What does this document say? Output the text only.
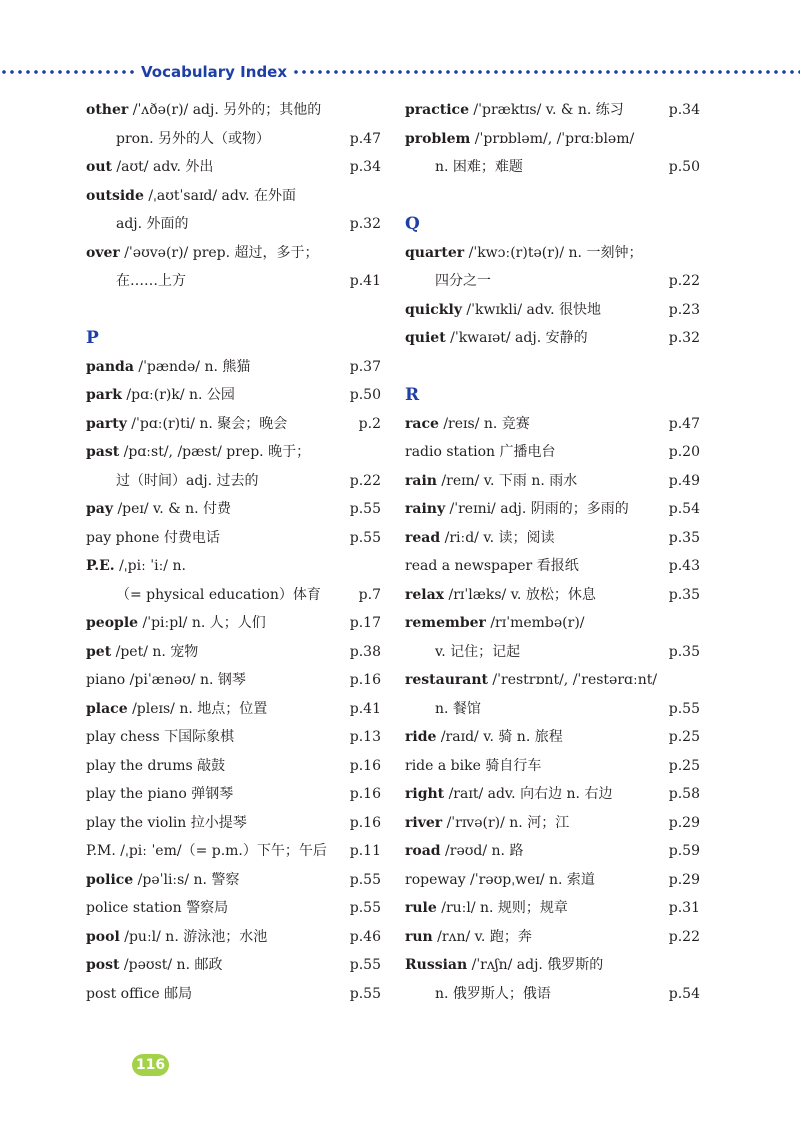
Vocabulary Index
other /ˈʌðə(r)/ adj. 另外的；其他的
pron. 另外的人（或物）	p.47
out /aʊt/ adv. 外出	p.34
outside /ˌaʊtˈsaɪd/ adv. 在外面
adj. 外面的	p.32
over /ˈəʊvə(r)/ prep. 超过，多于；
在……上方	p.41
P
panda /ˈpændə/ n. 熊猫	p.37
park /pɑː(r)k/ n. 公园	p.50
party /ˈpɑː(r)ti/ n. 聚会；晚会	p.2
past /pɑːst/, /pæst/ prep. 晚于；
过（时间）adj. 过去的	p.22
pay /peɪ/ v. & n. 付费	p.55
pay phone 付费电话	p.55
P.E. /ˌpiː ˈiː/ n.
（= physical education）体育	p.7
people /ˈpiːpl/ n. 人；人们	p.17
pet /pet/ n. 宠物	p.38
piano /piˈænəʊ/ n. 钢琴	p.16
place /pleɪs/ n. 地点；位置	p.41
play chess 下国际象棋	p.13
play the drums 敲鼓	p.16
play the piano 弹钢琴	p.16
play the violin 拉小提琴	p.16
P.M. /ˌpiː ˈem/（= p.m.）下午；午后 p.11
police /pəˈliːs/ n. 警察	p.55
police station 警察局	p.55
pool /puːl/ n. 游泳池；水池	p.46
post /pəʊst/ n. 邮政	p.55
post office 邮局	p.55
practice /ˈpræktɪs/ v. & n. 练习	p.34
problem /ˈprɒbləm/, /ˈprɑːbləm/
n. 困难；难题	p.50
Q
quarter /ˈkwɔː(r)tə(r)/ n. 一刻钟；
四分之一	p.22
quickly /ˈkwɪkli/ adv. 很快地	p.23
quiet /ˈkwaɪət/ adj. 安静的	p.32
R
race /reɪs/ n. 竞赛	p.47
radio station 广播电台	p.20
rain /reɪn/ v. 下雨 n. 雨水	p.49
rainy /ˈreɪni/ adj. 阴雨的；多雨的	p.54
read /riːd/ v. 读；阅读	p.35
read a newspaper 看报纸	p.43
relax /rɪˈlæks/ v. 放松；休息	p.35
remember /rɪˈmembə(r)/
v. 记住；记起	p.35
restaurant /ˈrestrɒnt/, /ˈrestərɑːnt/
n. 餐馆	p.55
ride /raɪd/ v. 骑 n. 旅程	p.25
ride a bike 骑自行车	p.25
right /raɪt/ adv. 向右边 n. 右边	p.58
river /ˈrɪvə(r)/ n. 河；江	p.29
road /rəʊd/ n. 路	p.59
ropeway /ˈrəʊpˌweɪ/ n. 索道	p.29
rule /ruːl/ n. 规则；规章	p.31
run /rʌn/ v. 跑；奔	p.22
Russian /ˈrʌʃn/ adj. 俄罗斯的
n. 俄罗斯人；俄语	p.54
116
